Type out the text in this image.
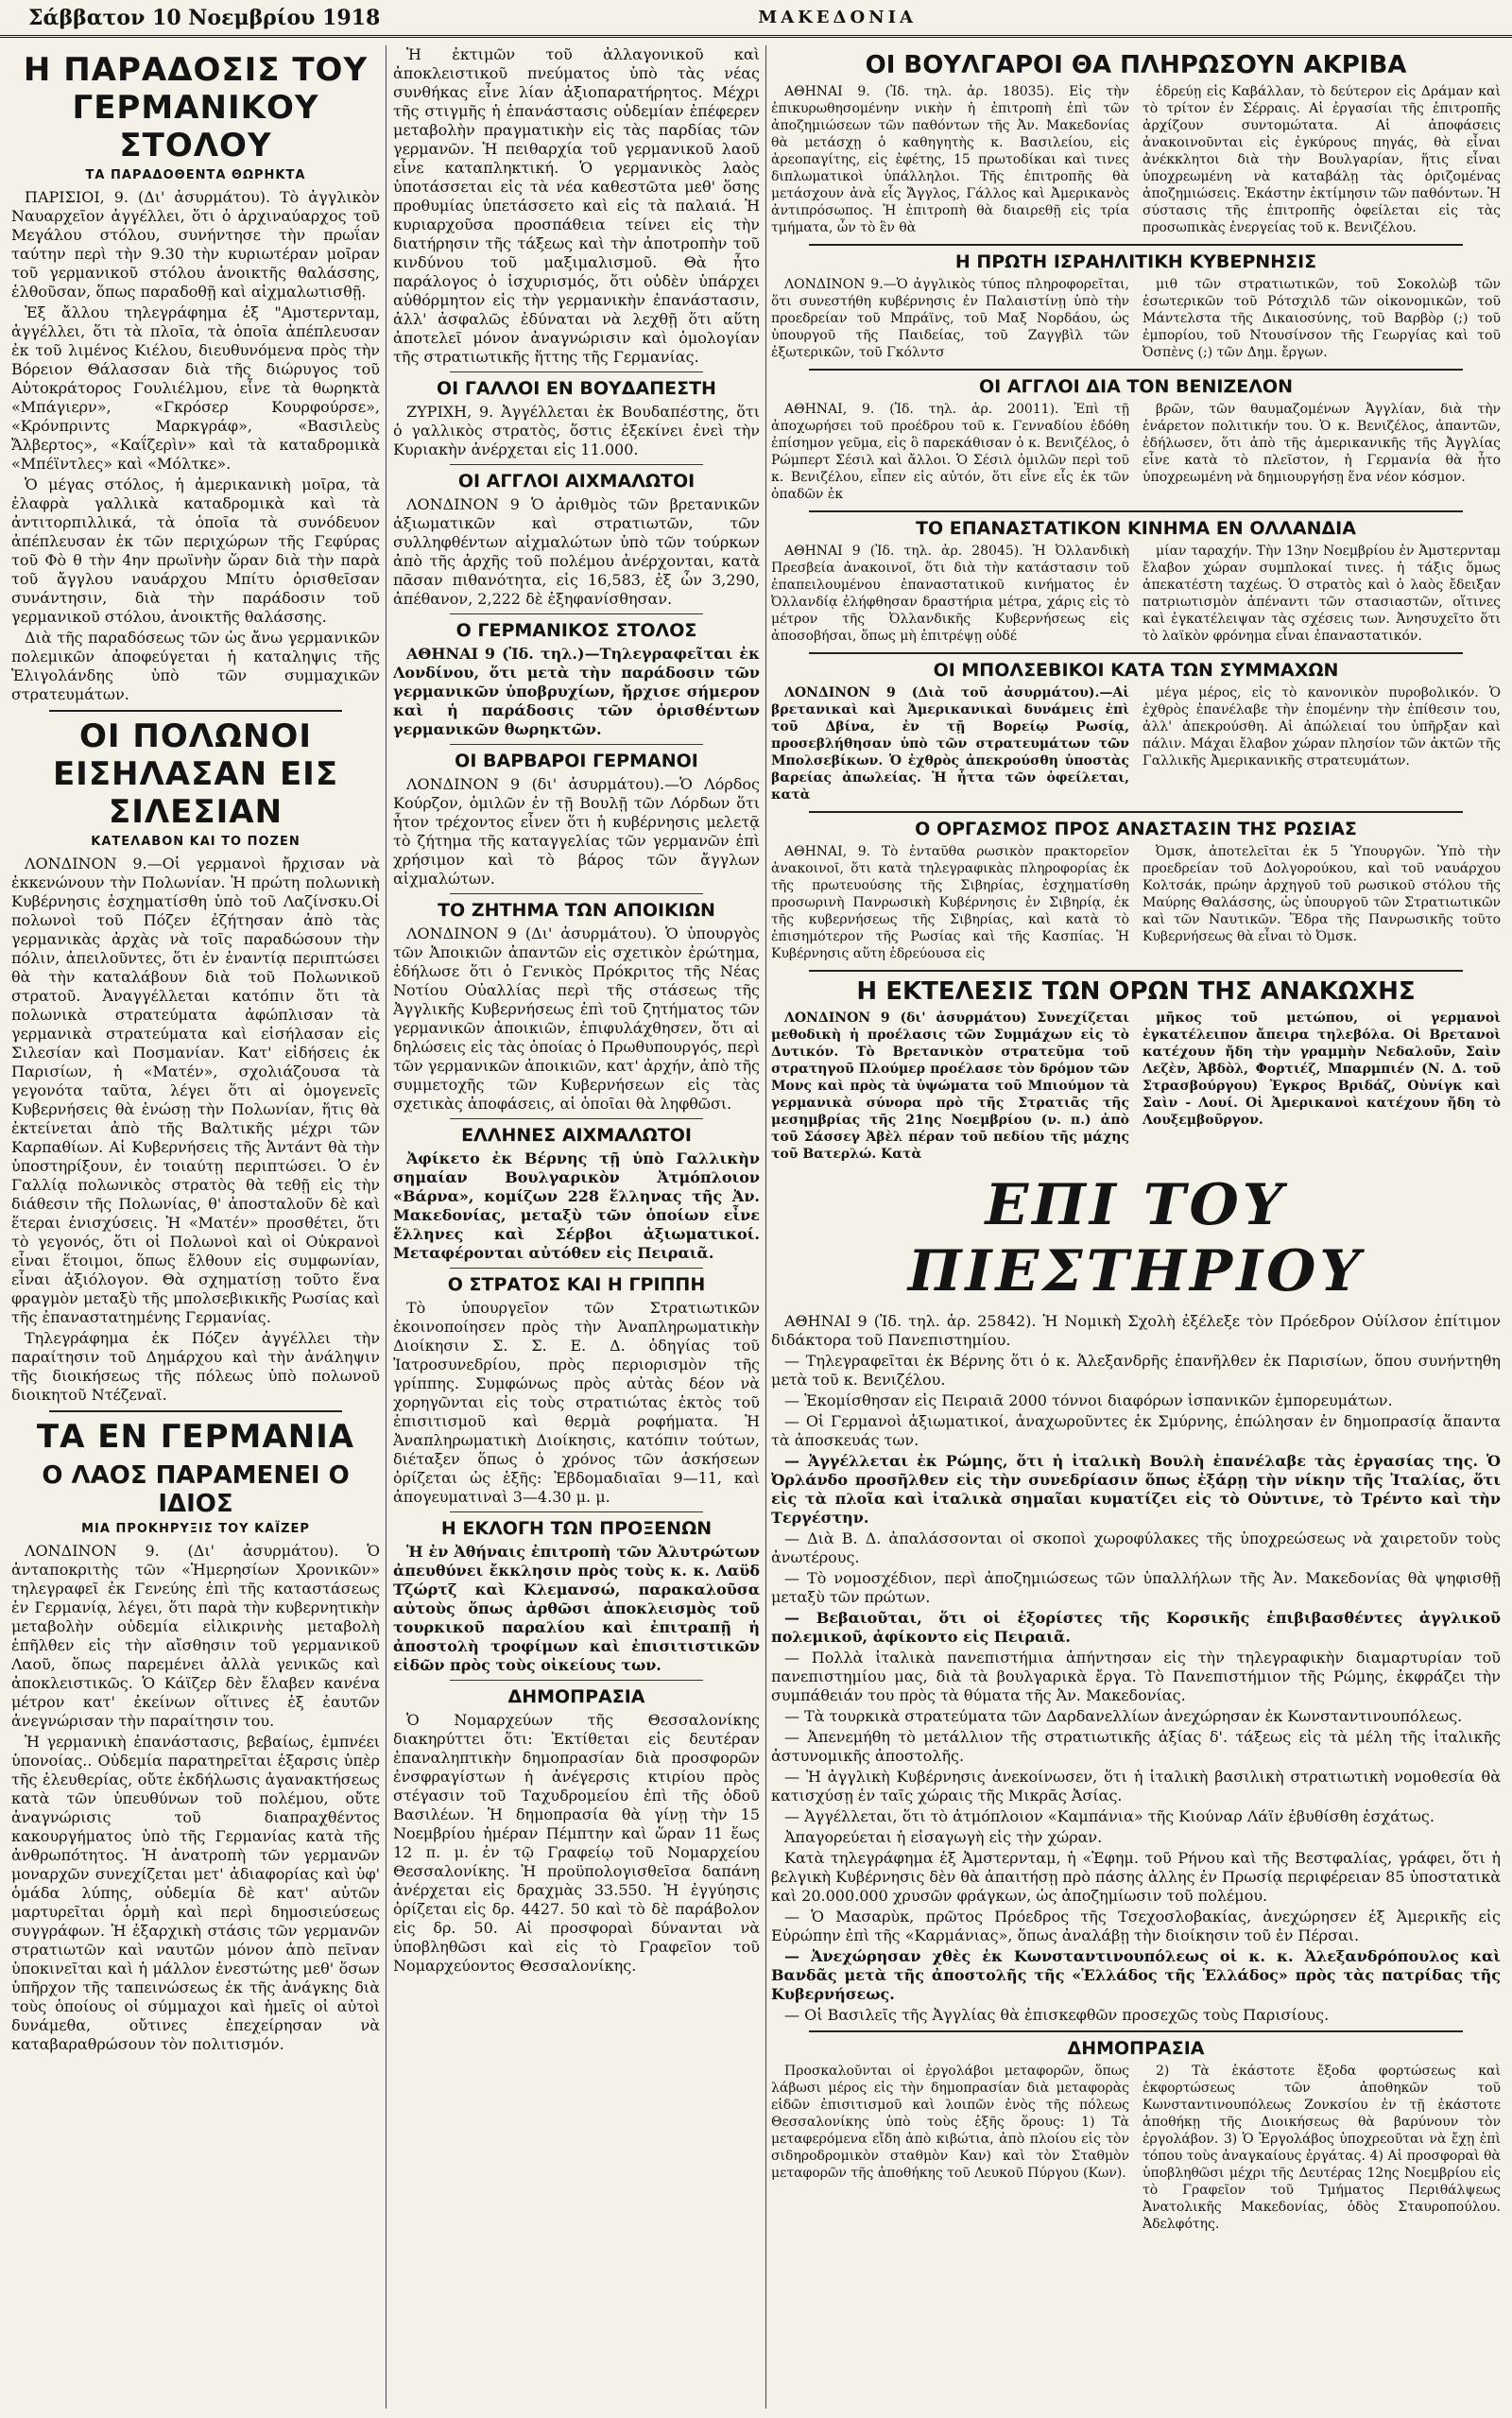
Σάββατον 10 Νοεμβρίου 1918	ΜΑΚΕΔΟΝΙΑ
Η ΠΑΡΑΔΟΣΙΣ ΤΟΥ ΓΕΡΜΑΝΙΚΟΥ ΣΤΟΛΟΥ
ΤΑ ΠΑΡΑΔΟΘΕΝΤΑ ΘΩΡΗΚΤΑ

ΠΑΡΙΣΙΟΙ, 9. (Δι' ἀσυρμάτου). Τὸ ἀγγλικὸν Ναυαρχεῖον ἀγγέλλει, ὅτι ὁ ἀρχιναύαρχος τοῦ Μεγάλου στόλου, συνήντησε τὴν πρωΐαν ταύτην περὶ τὴν 9.30 τὴν κυριωτέραν μοῖραν τοῦ γερμανικοῦ στόλου ἀνοικτῆς θαλάσσης, ἐλθοῦσαν, ὅπως παραδοθῇ καὶ αἰχμαλωτισθῇ.

Ἐξ ἄλλου τηλεγράφημα ἐξ "Αμστερνταμ, ἀγγέλλει, ὅτι τὰ πλοῖα, τὰ ὁποῖα ἀπέπλευσαν ἐκ τοῦ λιμένος Κιέλου, διευθυνόμενα πρὸς τὴν Βόρειον Θάλασσαν διὰ τῆς διώρυγος τοῦ Αὐτοκράτορος Γουλιέλμου, εἶνε τὰ θωρηκτὰ «Μπάγιερν», «Γκρόσερ Κουρφούρσε», «Κρόνπριντς Μαρκγράφ», «Βασιλεὺς Ἄλβερτος», «Καΐζερὶν» καὶ τὰ καταδρομικὰ «Μπέϊντλες» καὶ «Μόλτκε».

Ὁ μέγας στόλος, ἡ ἀμερικανικὴ μοῖρα, τὰ ἐλαφρὰ γαλλικὰ καταδρομικὰ καὶ τὰ ἀντιτορπιλλικά, τὰ ὁποῖα τὰ συνόδευον ἀπέπλευσαν ἐκ τῶν περιχώρων τῆς Γεφύρας τοῦ Φὸ θ τὴν 4ην πρωϊνὴν ὥραν διὰ τὴν παρὰ τοῦ ἄγγλου ναυάρχου Μπίτυ ὁρισθεῖσαν συνάντησιν, διὰ τὴν παράδοσιν τοῦ γερμανικοῦ στόλου, ἀνοικτῆς θαλάσσης.

Διὰ τῆς παραδόσεως τῶν ὡς ἄνω γερμανικῶν πολεμικῶν ἀποφεύγεται ἡ καταληψις τῆς Ἑλιγολάνδης ὑπὸ τῶν συμμαχικῶν στρατευμάτων.

ΟΙ ΠΟΛΩΝΟΙ ΕΙΣΗΛΑΣΑΝ ΕΙΣ ΣΙΛΕΣΙΑΝ
ΚΑΤΕΛΑΒΟΝ ΚΑΙ ΤΟ ΠΟΖΕΝ

ΛΟΝΔΙΝΟΝ 9.—Οἱ γερμανοὶ ἤρχισαν νὰ ἐκκενώνουν τὴν Πολωνίαν. Ἡ πρώτη πολωνικὴ Κυβέρνησις ἐσχηματίσθη ὑπὸ τοῦ Λαζίνσκυ.Οἱ πολωνοὶ τοῦ Πόζεν ἐζήτησαν ἀπὸ τὰς γερμανικὰς ἀρχὰς νὰ τοῖς παραδώσουν τὴν πόλιν, ἀπειλοῦντες, ὅτι ἐν ἐναντίᾳ περιπτώσει θὰ τὴν καταλάβουν διὰ τοῦ Πολωνικοῦ στρατοῦ. Ἀναγγέλλεται κατόπιν ὅτι τὰ πολωνικὰ στρατεύματα ἀφώπλισαν τὰ γερμανικὰ στρατεύματα καὶ εἰσήλασαν εἰς Σιλεσίαν καὶ Ποσμανίαν. Κατ' εἰδήσεις ἐκ Παρισίων, ἡ «Ματέν», σχολιάζουσα τὰ γεγονότα ταῦτα, λέγει ὅτι αἱ ὁμογενεῖς Κυβερνήσεις θὰ ἑνώσῃ τὴν Πολωνίαν, ἥτις θὰ ἐκτείνεται ἀπὸ τῆς Βαλτικῆς μέχρι τῶν Καρπαθίων. Αἱ Κυβερνήσεις τῆς Ἀντάντ θὰ τὴν ὑποστηρίξουν, ἐν τοιαύτῃ περιπτώσει. Ὁ ἐν Γαλλίᾳ πολωνικὸς στρατὸς θὰ τεθῇ εἰς τὴν διάθεσιν τῆς Πολωνίας, θ' ἀποσταλοῦν δὲ καὶ ἕτεραι ἐνισχύσεις. Ἡ «Ματέν» προσθέτει, ὅτι τὸ γεγονός, ὅτι οἱ Πολωνοὶ καὶ οἱ Οὐκρανοὶ εἶναι ἕτοιμοι, ὅπως ἔλθουν εἰς συμφωνίαν, εἶναι ἀξιόλογον. Θὰ σχηματίσῃ τοῦτο ἕνα φραγμὸν μεταξὺ τῆς μπολσεβικικῆς Ρωσίας καὶ τῆς ἐπαναστατημένης Γερμανίας.

Τηλεγράφημα ἐκ Πόζεν ἀγγέλλει τὴν παραίτησιν τοῦ Δημάρχου καὶ τὴν ἀνάληψιν τῆς διοικήσεως τῆς πόλεως ὑπὸ πολωνοῦ διοικητοῦ Ντέζεναϊ.

ΤΑ ΕΝ ΓΕΡΜΑΝΙΑ
Ο ΛΑΟΣ ΠΑΡΑΜΕΝΕΙ Ο ΙΔΙΟΣ
ΜΙΑ ΠΡΟΚΗΡΥΞΙΣ ΤΟΥ ΚΑΪΖΕΡ

ΛΟΝΔΙΝΟΝ 9. (Δι' ἀσυρμάτου). Ὁ ἀνταποκριτὴς τῶν «Ἡμερησίων Χρονικῶν» τηλεγραφεῖ ἐκ Γενεύης ἐπὶ τῆς καταστάσεως ἐν Γερμανίᾳ, λέγει, ὅτι παρὰ τὴν κυβερνητικὴν μεταβολὴν οὐδεμία εἰλικρινὴς μεταβολὴ ἐπῆλθεν εἰς τὴν αἴσθησιν τοῦ γερμανικοῦ Λαοῦ, ὅπως παρεμένει ἀλλὰ γενικῶς καὶ ἀποκλειστικῶς. Ὁ Κάϊζερ δὲν ἔλαβεν κανένα μέτρον κατ' ἐκείνων οἵτινες ἐξ ἑαυτῶν ἀνεγνώρισαν τὴν παραίτησιν του.

Ἡ γερμανικὴ ἐπανάστασις, βεβαίως, ἐμπνέει ὑπονοίας.. Οὐδεμία παρατηρεῖται ἐξαρσις ὑπὲρ τῆς ἐλευθερίας, οὔτε ἐκδήλωσις ἀγανακτήσεως κατὰ τῶν ὑπευθύνων τοῦ πολέμου, οὔτε ἀναγνώρισις τοῦ διαπραχθέντος κακουργήματος ὑπὸ τῆς Γερμανίας κατὰ τῆς ἀνθρωπότητος. Ἡ ἀνατροπὴ τῶν γερμανῶν μοναρχῶν συνεχίζεται μετ' ἀδιαφορίας καὶ ὑφ' ὁμάδα λύπης, οὐδεμία δὲ κατ' αὐτῶν μαρτυρεῖται ὁρμὴ καὶ περὶ δημοσιεύσεως συγγράφων. Ἡ ἐξαρχικὴ στάσις τῶν γερμανῶν στρατιωτῶν καὶ ναυτῶν μόνον ἀπὸ πεῖναν ὑποκινεῖται καὶ ἡ μάλλον ἐνεστώτης μεθ' ὅσων ὑπῆρχον τῆς ταπεινώσεως ἐκ τῆς ἀνάγκης διὰ τοὺς ὁποίους οἱ σύμμαχοι καὶ ἡμεῖς οἱ αὐτοὶ δυνάμεθα, οὔτινες ἐπεχείρησαν νὰ καταβαραθρώσουν τὸν πολιτισμόν.

Ἡ ἐκτιμῶν τοῦ ἀλλαγονικοῦ καὶ ἀποκλειστικοῦ πνεύματος ὑπὸ τὰς νέας συνθήκας εἶνε λίαν ἀξιοπαρατήρητος. Μέχρι τῆς στιγμῆς ἡ ἐπανάστασις οὐδεμίαν ἐπέφερεν μεταβολὴν πραγματικὴν εἰς τὰς παρδίας τῶν γερμανῶν. Ἡ πειθαρχία τοῦ γερμανικοῦ λαοῦ εἶνε καταπληκτική. Ὁ γερμανικὸς λαὸς ὑποτάσσεται εἰς τὰ νέα καθεστῶτα μεθ' ὅσης προθυμίας ὑπετάσσετο καὶ εἰς τὰ παλαιά. Ἡ κυριαρχοῦσα προσπάθεια τείνει εἰς τὴν διατήρησιν τῆς τάξεως καὶ τὴν ἀποτροπὴν τοῦ κινδύνου τοῦ μαξιμαλισμοῦ. Θὰ ἦτο παράλογος ὁ ἰσχυρισμός, ὅτι οὐδὲν ὑπάρχει αὐθόρμητον εἰς τὴν γερμανικὴν ἐπανάστασιν, ἀλλ' ἀσφαλῶς ἐδύναται νὰ λεχθῇ ὅτι αὕτη ἀποτελεῖ μόνον ἀναγνώρισιν καὶ ὁμολογίαν τῆς στρατιωτικῆς ἥττης τῆς Γερμανίας.

ΟΙ ΓΑΛΛΟΙ ΕΝ ΒΟΥΔΑΠΕΣΤΗ

ΖΥΡΙΧΗ, 9. Ἀγγέλλεται ἐκ Βουδαπέστης, ὅτι ὁ γαλλικὸς στρατὸς, ὅστις ἐξεκίνει ἐνεὶ τὴν Κυριακὴν ἀνέρχεται εἰς 11.000.

ΟΙ ΑΓΓΛΟΙ ΑΙΧΜΑΛΩΤΟΙ

ΛΟΝΔΙΝΟΝ 9 Ὁ ἀριθμὸς τῶν βρετανικῶν ἀξιωματικῶν καὶ στρατιωτῶν, τῶν συλληφθέντων αἰχμαλώτων ὑπὸ τῶν τούρκων ἀπὸ τῆς ἀρχῆς τοῦ πολέμου ἀνέρχονται, κατὰ πᾶσαν πιθανότητα, εἰς 16,583, ἐξ ὧν 3,290, ἀπέθανον, 2,222 δὲ ἐξηφανίσθησαν.

Ο ΓΕΡΜΑΝΙΚΟΣ ΣΤΟΛΟΣ

ΑΘΗΝΑΙ 9 (Ἰδ. τηλ.)—Τηλεγραφεῖται ἐκ Λονδίνου, ὅτι μετὰ τὴν παράδοσιν τῶν γερμανικῶν ὑποβρυχίων, ἤρχισε σήμερον καὶ ἡ παράδοσις τῶν ὁρισθέντων γερμανικῶν θωρηκτῶν.

ΟΙ ΒΑΡΒΑΡΟΙ ΓΕΡΜΑΝΟΙ

ΛΟΝΔΙΝΟΝ 9 (δι' ἀσυρμάτου).—Ὁ Λόρδος Κούρζον, ὁμιλῶν ἐν τῇ Βουλῇ τῶν Λόρδων ὅτι ἦτον τρέχοντος εἶνεν ὅτι ἡ κυβέρνησις μελετᾷ τὸ ζήτημα τῆς καταγγελίας τῶν γερμανῶν ἐπὶ χρήσιμον καὶ τὸ βάρος τῶν ἄγγλων αἰχμαλώτων.

ΤΟ ΖΗΤΗΜΑ ΤΩΝ ΑΠΟΙΚΙΩΝ

ΛΟΝΔΙΝΟΝ 9 (Δι' ἀσυρμάτου). Ὁ ὑπουργὸς τῶν Ἀποικιῶν ἀπαντῶν εἰς σχετικὸν ἐρώτημα, ἐδήλωσε ὅτι ὁ Γενικὸς Πρόκριτος τῆς Νέας Νοτίου Οὐαλλίας περὶ τῆς στάσεως τῆς Ἀγγλικῆς Κυβερνήσεως ἐπὶ τοῦ ζητήματος τῶν γερμανικῶν ἀποικιῶν, ἐπιφυλάχθησεν, ὅτι αἱ δηλώσεις εἰς τὰς ὁποίας ὁ Πρωθυπουργός, περὶ τῶν γερμανικῶν ἀποικιῶν, κατ' ἀρχήν, ἀπὸ τῆς συμμετοχῆς τῶν Κυβερνήσεων εἰς τὰς σχετικὰς ἀποφάσεις, αἱ ὁποῖαι θὰ ληφθῶσι.

ΕΛΛΗΝΕΣ ΑΙΧΜΑΛΩΤΟΙ

Ἀφίκετο ἐκ Βέρνης τῇ ὑπὸ Γαλλικὴν σημαίαν Βουλγαρικὸν Ἀτμόπλοιον «Βάρνα», κομίζων 228 ἕλληνας τῆς Ἀν. Μακεδονίας, μεταξὺ τῶν ὁποίων εἶνε ἕλληνες καὶ Σέρβοι ἀξιωματικοί. Μεταφέρονται αὐτόθεν εἰς Πειραιᾶ.

Ο ΣΤΡΑΤΟΣ ΚΑΙ Η ΓΡΙΠΠΗ

Τὸ ὑπουργεῖον τῶν Στρατιωτικῶν ἐκοινοποίησεν πρὸς τὴν Ἀναπληρωματικὴν Διοίκησιν Σ. Σ. Ε. Δ. ὁδηγίας τοῦ Ἰατροσυνεδρίου, πρὸς περιορισμὸν τῆς γρίππης. Συμφώνως πρὸς αὐτὰς δέον νὰ χορηγῶνται εἰς τοὺς στρατιώτας ἐκτὸς τοῦ ἐπισιτισμοῦ καὶ θερμὰ ροφήματα. Ἡ Ἀναπληρωματικὴ Διοίκησις, κατόπιν τούτων, διέταξεν ὅπως ὁ χρόνος τῶν ἀσκήσεων ὁρίζεται ὡς ἑξῆς: Ἑβδομαδιαῖαι 9—11, καὶ ἀπογευματιναὶ 3—4.30 μ. μ.

Η ΕΚΛΟΓΗ ΤΩΝ ΠΡΟΞΕΝΩΝ

Ἡ ἐν Ἀθήναις ἐπιτροπὴ τῶν Ἀλυτρώτων ἀπευθύνει ἔκκλησιν πρὸς τοὺς κ. κ. Λαϋδ Τζώρτζ καὶ Κλεμανσώ, παρακαλοῦσα αὐτοὺς ὅπως ἀρθῶσι ἀποκλεισμὸς τοῦ τουρκικοῦ παραλίου καὶ ἐπιτραπῇ ἡ ἀποστολὴ τροφίμων καὶ ἐπισιτιστικῶν εἰδῶν πρὸς τοὺς οἰκείους των.

ΔΗΜΟΠΡΑΣΙΑ

Ὁ Νομαρχεύων τῆς Θεσσαλονίκης διακηρύττει ὅτι: Ἐκτίθεται εἰς δευτέραν ἐπαναληπτικὴν δημοπρασίαν διὰ προσφορῶν ἐνσφραγίστων ἡ ἀνέγερσις κτιρίου πρὸς στέγασιν τοῦ Ταχυδρομείου ἐπὶ τῆς ὁδοῦ Βασιλέων. Ἡ δημοπρασία θὰ γίνῃ τὴν 15 Νοεμβρίου ἡμέραν Πέμπτην καὶ ὥραν 11 ἕως 12 π. μ. ἐν τῷ Γραφείῳ τοῦ Νομαρχείου Θεσσαλονίκης. Ἡ προϋπολογισθεῖσα δαπάνη ἀνέρχεται εἰς δραχμὰς 33.550. Ἡ ἐγγύησις ὁρίζεται εἰς δρ. 4427. 50 καὶ τὸ δὲ παράβολον εἰς δρ. 50. Αἱ προσφοραὶ δύνανται νὰ ὑποβληθῶσι καὶ εἰς τὸ Γραφεῖον τοῦ Νομαρχεύοντος Θεσσαλονίκης.

ΟΙ ΒΟΥΛΓΑΡΟΙ ΘΑ ΠΛΗΡΩΣΟΥΝ ΑΚΡΙΒΑ

ΑΘΗΝΑΙ 9. (Ἰδ. τηλ. ἀρ. 18035). Εἰς τὴν ἐπικυρωθησομένην νικὴν ἡ ἐπιτροπὴ ἐπὶ τῶν ἀποζημιώσεων τῶν παθόντων τῆς Ἀν. Μακεδονίας θὰ μετάσχῃ ὁ καθηγητὴς κ. Βασιλείου, εἰς ἀρεοπαγίτης, εἰς ἐφέτης, 15 πρωτοδίκαι καὶ τινες διπλωματικοὶ ὑπάλληλοι. Τῆς ἐπιτροπῆς θὰ μετάσχουν ἀνὰ εἷς Ἄγγλος, Γάλλος καὶ Ἀμερικανὸς ἀντιπρόσωπος. Ἡ ἐπιτροπὴ θὰ διαιρεθῇ εἰς τρία τμήματα, ὧν τὸ ἓν θὰ

ἑδρεύῃ εἰς Καβάλλαν, τὸ δεύτερον εἰς Δράμαν καὶ τὸ τρίτον ἐν Σέρραις. Αἱ ἐργασίαι τῆς ἐπιτροπῆς ἀρχίζουν συντομώτατα. Αἱ ἀποφάσεις ἀνακοινοῦνται εἰς ἐγκύρους πηγάς, θὰ εἶναι ἀνέκκλητοι διὰ τὴν Βουλγαρίαν, ἥτις εἶναι ὑποχρεωμένη νὰ καταβάλῃ τὰς ὁριζομένας ἀποζημιώσεις. Ἐκάστην ἐκτίμησιν τῶν παθόντων. Ἡ σύστασις τῆς ἐπιτροπῆς ὀφείλεται εἰς τὰς προσωπικὰς ἐνεργείας τοῦ κ. Βενιζέλου.

Η ΠΡΩΤΗ ΙΣΡΑΗΛΙΤΙΚΗ ΚΥΒΕΡΝΗΣΙΣ

ΛΟΝΔΙΝΟΝ 9.—Ὁ ἀγγλικὸς τύπος πληροφορεῖται, ὅτι συνεστήθη κυβέρνησις ἐν Παλαιστίνῃ ὑπὸ τὴν προεδρείαν τοῦ Μπράϊνς, τοῦ Μαξ Νορδάου, ὡς ὑπουργοῦ τῆς Παιδείας, τοῦ Ζαγγβὶλ τῶν ἐξωτερικῶν, τοῦ Γκόλντσ

μιθ τῶν στρατιωτικῶν, τοῦ Σοκολὼβ τῶν ἐσωτερικῶν τοῦ Ρότσχιλδ τῶν οἰκονομικῶν, τοῦ Μάντελστα τῆς Δικαιοσύνης, τοῦ Βαρβὸρ (;) τοῦ ἐμπορίου, τοῦ Ντουσίνσον τῆς Γεωργίας καὶ τοῦ Ὀσπὲνς (;) τῶν Δημ. ἔργων.

ΟΙ ΑΓΓΛΟΙ ΔΙΑ ΤΟΝ ΒΕΝΙΖΕΛΟΝ

ΑΘΗΝΑΙ, 9. (Ἰδ. τηλ. ἀρ. 20011). Ἐπὶ τῇ ἀποχωρήσει τοῦ προέδρου τοῦ κ. Γενναδίου ἐδόθη ἐπίσημον γεῦμα, εἰς ὃ παρεκάθισαν ὁ κ. Βενιζέλος, ὁ Ρώμπερτ Σέσιλ καὶ ἄλλοι. Ὁ Σέσιλ ὁμιλῶν περὶ τοῦ κ. Βενιζέλου, εἶπεν εἰς αὐτόν, ὅτι εἶνε εἷς ἐκ τῶν ὀπαδῶν ἐκ

βρῶν, τῶν θαυμαζομένων Ἀγγλίαν, διὰ τὴν ἐνάρετον πολιτικήν του. Ὁ κ. Βενιζέλος, ἀπαντῶν, ἐδήλωσεν, ὅτι ἀπὸ τῆς ἀμερικανικῆς τῆς Ἀγγλίας εἶνε κατὰ τὸ πλεῖστον, ἡ Γερμανία θὰ ἦτο ὑποχρεωμένη νὰ δημιουργήσῃ ἕνα νέον κόσμον.

ΤΟ ΕΠΑΝΑΣΤΑΤΙΚΟΝ ΚΙΝΗΜΑ ΕΝ ΟΛΛΑΝΔΙΑ

ΑΘΗΝΑΙ 9 (Ἰδ. τηλ. ἀρ. 28045). Ἡ Ὀλλανδικὴ Πρεσβεία ἀνακοινοῖ, ὅτι διὰ τὴν κατάστασιν τοῦ ἐπαπειλουμένου ἐπαναστατικοῦ κινήματος ἐν Ὀλλανδίᾳ ἐλήφθησαν δραστήρια μέτρα, χάρις εἰς τὸ μέτρον τῆς Ὀλλανδικῆς Κυβερνήσεως εἰς ἀποσοβήσαι, ὅπως μὴ ἐπιτρέψῃ οὐδέ

μίαν ταραχήν. Τὴν 13ην Νοεμβρίου ἐν Ἀμστερνταμ ἔλαβον χώραν συμπλοκαί τινες. ἡ τάξις ὅμως ἀπεκατέστη ταχέως. Ὁ στρατὸς καὶ ὁ λαὸς ἔδειξαν πατριωτισμὸν ἀπέναντι τῶν στασιαστῶν, οἵτινες καὶ ἐγκατέλειψαν τὰς σχέσεις των. Ἀνησυχεῖτο ὅτι τὸ λαϊκὸν φρόνημα εἶναι ἐπαναστατικόν.

ΟΙ ΜΠΟΛΣΕΒΙΚΟΙ ΚΑΤΑ ΤΩΝ ΣΥΜΜΑΧΩΝ

ΛΟΝΔΙΝΟΝ 9 (Διὰ τοῦ ἀσυρμάτου).—Αἱ βρετανικαὶ καὶ Ἀμερικανικαὶ δυνάμεις ἐπὶ τοῦ Δβίνα, ἐν τῇ Βορείῳ Ρωσίᾳ, προσεβλήθησαν ὑπὸ τῶν στρατευμάτων τῶν Μπολσεβίκων. Ὁ ἐχθρὸς ἀπεκρούσθη ὑποστὰς βαρείας ἀπωλείας. Ἡ ἧττα τῶν ὀφείλεται, κατὰ

μέγα μέρος, εἰς τὸ κανονικὸν πυροβολικόν. Ὁ ἐχθρὸς ἐπανέλαβε τὴν ἐπομένην τὴν ἐπίθεσιν του, ἀλλ' ἀπεκρούσθη. Αἱ ἀπώλειαί του ὑπῆρξαν καὶ πάλιν. Μάχαι ἔλαβον χώραν πλησίον τῶν ἀκτῶν τῆς Γαλλικῆς Ἀμερικανικῆς στρατευμάτων.

Ο ΟΡΓΑΣΜΟΣ ΠΡΟΣ ΑΝΑΣΤΑΣΙΝ ΤΗΣ ΡΩΣΙΑΣ

ΑΘΗΝΑΙ, 9. Τὸ ἐνταῦθα ρωσικὸν πρακτορεῖον ἀνακοινοῖ, ὅτι κατὰ τηλεγραφικὰς πληροφορίας ἐκ τῆς πρωτευούσης τῆς Σιβηρίας, ἐσχηματίσθη προσωρινὴ Πανρωσικὴ Κυβέρνησις ἐν Σιβηρίᾳ, ἐκ τῆς κυβερνήσεως τῆς Σιβηρίας, καὶ κατὰ τὸ ἐπισημότερον τῆς Ρωσίας καὶ τῆς Κασπίας. Ἡ Κυβέρνησις αὕτη ἑδρεύουσα εἰς

Ὀμσκ, ἀποτελεῖται ἐκ 5 Ὑπουργῶν. Ὑπὸ τὴν προεδρείαν τοῦ Δολγορούκου, καὶ τοῦ ναυάρχου Κολτσάκ, πρώην ἀρχηγοῦ τοῦ ρωσικοῦ στόλου τῆς Μαύρης Θαλάσσης, ὡς ὑπουργοῦ τῶν Στρατιωτικῶν καὶ τῶν Ναυτικῶν. Ἕδρα τῆς Πανρωσικῆς τοῦτο Κυβερνήσεως θὰ εἶναι τὸ Ὀμσκ.

Η ΕΚΤΕΛΕΣΙΣ ΤΩΝ ΟΡΩΝ ΤΗΣ ΑΝΑΚΩΧΗΣ

ΛΟΝΔΙΝΟΝ 9 (δι' ἀσυρμάτου) Συνεχίζεται μεθοδικὴ ἡ προέλασις τῶν Συμμάχων εἰς τὸ Δυτικόν. Τὸ Βρετανικὸν στρατεῦμα τοῦ στρατηγοῦ Πλούμερ προέλασε τὸν δρόμον τῶν Μονς καὶ πρὸς τὰ ὑψώματα τοῦ Μπιούμον τὰ γερμανικὰ σύνορα πρὸ τῆς Στρατιᾶς τῆς μεσημβρίας τῆς 21ης Νοεμβρίου (ν. π.) ἀπὸ τοῦ Σάσσεγ Ἀβὲλ πέραν τοῦ πεδίου τῆς μάχης τοῦ Βατερλώ. Κατὰ

μῆκος τοῦ μετώπου, οἱ γερμανοὶ ἐγκατέλειπον ἄπειρα τηλεβόλα. Οἱ Βρετανοὶ κατέχουν ἤδη τὴν γραμμὴν Νεδαλοῦν, Σαὶν Λεζὲν, Ἀβδὸλ, Φορτιέζ, Μπαρμπιέν (Ν. Δ. τοῦ Στρασβούργου) Ἐγκρος Βριδάζ, Οὐνίγκ καὶ Σαὶν - Λουί. Οἱ Ἀμερικανοὶ κατέχουν ἤδη τὸ Λουξεμβοῦργον.

ΕΠΙ ΤΟΥ ΠΙΕΣΤΗΡΙΟΥ

ΑΘΗΝΑΙ 9 (Ἰδ. τηλ. ἀρ. 25842). Ἡ Νομικὴ Σχολὴ ἐξέλεξε τὸν Πρόεδρον Οὐίλσον ἐπίτιμον διδάκτορα τοῦ Πανεπιστημίου.

— Τηλεγραφεῖται ἐκ Βέρνης ὅτι ὁ κ. Ἀλεξανδρῆς ἐπανῆλθεν ἐκ Παρισίων, ὅπου συνήντηθη μετὰ τοῦ κ. Βενιζέλου.

— Ἐκομίσθησαν εἰς Πειραιᾶ 2000 τόννοι διαφόρων ἰσπανικῶν ἐμπορευμάτων.

— Οἱ Γερμανοὶ ἀξιωματικοί, ἀναχωροῦντες ἐκ Σμύρνης, ἐπώλησαν ἐν δημοπρασίᾳ ἅπαντα τὰ ἀποσκευάς των.

— Ἀγγέλλεται ἐκ Ρώμης, ὅτι ἡ ἰταλικὴ Βουλὴ ἐπανέλαβε τὰς ἐργασίας της. Ὁ Ὀρλάνδο προσῆλθεν εἰς τὴν συνεδρίασιν ὅπως ἐξάρῃ τὴν νίκην τῆς Ἰταλίας, ὅτι εἰς τὰ πλοῖα καὶ ἰταλικὰ σημαῖαι κυματίζει εἰς τὸ Οὐντινε, τὸ Τρέντο καὶ τὴν Τεργέστην.

— Διὰ Β. Δ. ἀπαλάσσονται οἱ σκοποὶ χωροφύλακες τῆς ὑποχρεώσεως νὰ χαιρετοῦν τοὺς ἀνωτέρους.

— Τὸ νομοσχέδιον, περὶ ἀποζημιώσεως τῶν ὑπαλλήλων τῆς Ἀν. Μακεδονίας θὰ ψηφισθῇ μεταξὺ τῶν πρώτων.

— Βεβαιοῦται, ὅτι οἱ ἐξορίστες τῆς Κορσικῆς ἐπιβιβασθέντες ἀγγλικοῦ πολεμικοῦ, ἀφίκοντο εἰς Πειραιᾶ.

— Πολλὰ ἰταλικὰ πανεπιστήμια ἀπήντησαν εἰς τὴν τηλεγραφικὴν διαμαρτυρίαν τοῦ πανεπιστημίου μας, διὰ τὰ βουλγαρικὰ ἔργα. Τὸ Πανεπιστήμιον τῆς Ρώμης, ἐκφράζει τὴν συμπάθειάν του πρὸς τὰ θύματα τῆς Ἀν. Μακεδονίας.

— Τὰ τουρκικὰ στρατεύματα τῶν Δαρδανελλίων ἀνεχώρησαν ἐκ Κωνσταντινουπόλεως.

— Ἀπενεμήθη τὸ μετάλλιον τῆς στρατιωτικῆς ἀξίας δ'. τάξεως εἰς τὰ μέλη τῆς ἰταλικῆς ἀστυνομικῆς ἀποστολῆς.

— Ἡ ἀγγλικὴ Κυβέρνησις ἀνεκοίνωσεν, ὅτι ἡ ἰταλικὴ βασιλικὴ στρατιωτικὴ νομοθεσία θὰ κατισχύσῃ ἐν ταῖς χώραις τῆς Μικρᾶς Ἀσίας.

— Ἀγγέλλεται, ὅτι τὸ ἀτμόπλοιον «Καμπάνια» τῆς Κιούναρ Λάϊν ἐβυθίσθη ἐσχάτως.

Ἀπαγορεύεται ἡ εἰσαγωγὴ εἰς τὴν χώραν.

Κατὰ τηλεγράφημα ἐξ Ἀμστερνταμ, ἡ «Ἑφημ. τοῦ Ρήνου καὶ τῆς Βεστφαλίας, γράφει, ὅτι ἡ βελγικὴ Κυβέρνησις δὲν θὰ ἀπαιτήσῃ πρὸ πάσης ἀλλης ἐν Πρωσίᾳ περιφέρειαν 85 ὑποστατικὰ καὶ 20.000.000 χρυσῶν φράγκων, ὡς ἀποζημίωσιν τοῦ πολέμου.

— Ὁ Μασαρὺκ, πρῶτος Πρόεδρος τῆς Τσεχοσλοβακίας, ἀνεχώρησεν ἐξ Ἀμερικῆς εἰς Εὐρώπην ἐπὶ τῆς «Καρμάνιας», ὅπως ἀναλάβῃ τὴν διοίκησιν τοῦ ἐν Πέρσαι.

— Ἀνεχώρησαν χθὲς ἐκ Κωνσταντινουπόλεως οἱ κ. κ. Ἀλεξανδρόπουλος καὶ Βανδᾶς μετὰ τῆς ἀποστολῆς τῆς «Ἑλλάδος τῆς Ἑλλάδος» πρὸς τὰς πατρίδας τῆς Κυβερνήσεως.

— Οἱ Βασιλεῖς τῆς Ἀγγλίας θὰ ἐπισκεφθῶν προσεχῶς τοὺς Παρισίους.

ΔΗΜΟΠΡΑΣΙΑ

Προσκαλοῦνται οἱ ἐργολάβοι μεταφορῶν, ὅπως λάβωσι μέρος εἰς τὴν δημοπρασίαν διὰ μεταφορὰς εἰδῶν ἐπισιτισμοῦ καὶ λοιπῶν ἐνὸς τῆς πόλεως Θεσσαλονίκης ὑπὸ τοὺς ἑξῆς ὅρους: 1) Τὰ μεταφερόμενα εἴδη ἀπὸ κιβώτια, ἀπὸ πλοίου εἰς τὸν σιδηροδρομικὸν σταθμὸν Καν) καὶ τὸν Σταθμὸν μεταφορῶν τῆς ἀποθήκης τοῦ Λευκοῦ Πύργου (Κων).

2) Τὰ ἑκάστοτε ἔξοδα φορτώσεως καὶ ἐκφορτώσεως τῶν ἀποθηκῶν τοῦ Κωνσταντινουπόλεως Ζονκσίου ἐν τῇ ἐκάστοτε ἀποθήκῃ τῆς Διοικήσεως θὰ βαρύνουν τὸν ἐργολάβον. 3) Ὁ Ἐργολάβος ὑποχρεοῦται νὰ ἔχῃ ἐπὶ τόπου τοὺς ἀναγκαίους ἐργάτας. 4) Αἱ προσφοραὶ θὰ ὑποβληθῶσι μέχρι τῆς Δευτέρας 12ης Νοεμβρίου εἰς τὸ Γραφεῖον τοῦ Τμήματος Περιθάλψεως Ἀνατολικῆς Μακεδονίας, ὁδὸς Σταυροπούλου. Ἀδελφότης.
